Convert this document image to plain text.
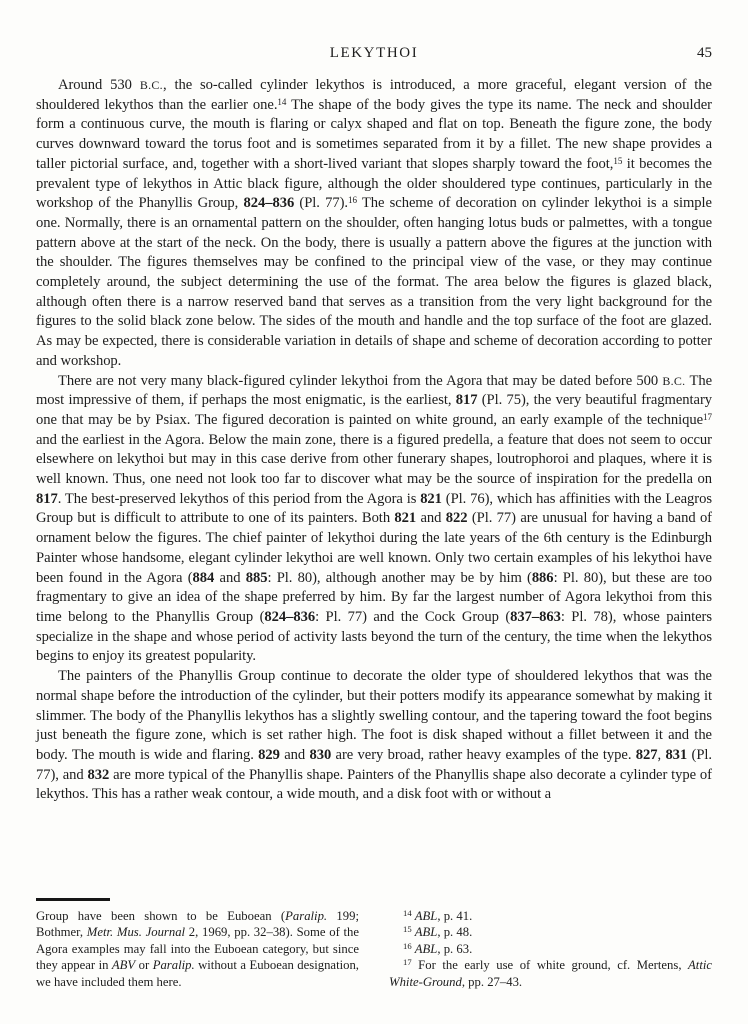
LEKYTHOI	45

Around 530 B.C., the so-called cylinder lekythos is introduced, a more graceful, elegant version of the shouldered lekythos than the earlier one.$^{14}$ The shape of the body gives the type its name. The neck and shoulder form a continuous curve, the mouth is flaring or calyx shaped and flat on top. Beneath the figure zone, the body curves downward toward the torus foot and is sometimes separated from it by a fillet. The new shape provides a taller pictorial surface, and, together with a short-lived variant that slopes sharply toward the foot,$^{15}$ it becomes the prevalent type of lekythos in Attic black figure, although the older shouldered type continues, particularly in the workshop of the Phanyllis Group, 824–836 (Pl. 77).$^{16}$ The scheme of decoration on cylinder lekythoi is a simple one. Normally, there is an ornamental pattern on the shoulder, often hanging lotus buds or palmettes, with a tongue pattern above at the start of the neck. On the body, there is usually a pattern above the figures at the junction with the shoulder. The figures themselves may be confined to the principal view of the vase, or they may continue completely around, the subject determining the use of the format. The area below the figures is glazed black, although often there is a narrow reserved band that serves as a transition from the very light background for the figures to the solid black zone below. The sides of the mouth and handle and the top surface of the foot are glazed. As may be expected, there is considerable variation in details of shape and scheme of decoration according to potter and workshop.

There are not very many black-figured cylinder lekythoi from the Agora that may be dated before 500 B.C. The most impressive of them, if perhaps the most enigmatic, is the earliest, 817 (Pl. 75), the very beautiful fragmentary one that may be by Psiax. The figured decoration is painted on white ground, an early example of the technique$^{17}$ and the earliest in the Agora. Below the main zone, there is a figured predella, a feature that does not seem to occur elsewhere on lekythoi but may in this case derive from other funerary shapes, loutrophoroi and plaques, where it is well known. Thus, one need not look too far to discover what may be the source of inspiration for the predella on 817. The best-preserved lekythos of this period from the Agora is 821 (Pl. 76), which has affinities with the Leagros Group but is difficult to attribute to one of its painters. Both 821 and 822 (Pl. 77) are unusual for having a band of ornament below the figures. The chief painter of lekythoi during the late years of the 6th century is the Edinburgh Painter whose handsome, elegant cylinder lekythoi are well known. Only two certain examples of his lekythoi have been found in the Agora (884 and 885: Pl. 80), although another may be by him (886: Pl. 80), but these are too fragmentary to give an idea of the shape preferred by him. By far the largest number of Agora lekythoi from this time belong to the Phanyllis Group (824–836: Pl. 77) and the Cock Group (837–863: Pl. 78), whose painters specialize in the shape and whose period of activity lasts beyond the turn of the century, the time when the lekythos begins to enjoy its greatest popularity.

The painters of the Phanyllis Group continue to decorate the older type of shouldered lekythos that was the normal shape before the introduction of the cylinder, but their potters modify its appearance somewhat by making it slimmer. The body of the Phanyllis lekythos has a slightly swelling contour, and the tapering toward the foot begins just beneath the figure zone, which is set rather high. The foot is disk shaped without a fillet between it and the body. The mouth is wide and flaring. 829 and 830 are very broad, rather heavy examples of the type. 827, 831 (Pl. 77), and 832 are more typical of the Phanyllis shape. Painters of the Phanyllis shape also decorate a cylinder type of lekythos. This has a rather weak contour, a wide mouth, and a disk foot with or without a

Group have been shown to be Euboean (Paralip. 199; Bothmer, Metr. Mus. Journal 2, 1969, pp. 32–38). Some of the Agora examples may fall into the Euboean category, but since they appear in ABV or Paralip. without a Euboean designation, we have included them here.

$^{14}$ ABL, p. 41.

$^{15}$ ABL, p. 48.

$^{16}$ ABL, p. 63.

$^{17}$ For the early use of white ground, cf. Mertens, Attic White-Ground, pp. 27–43.
